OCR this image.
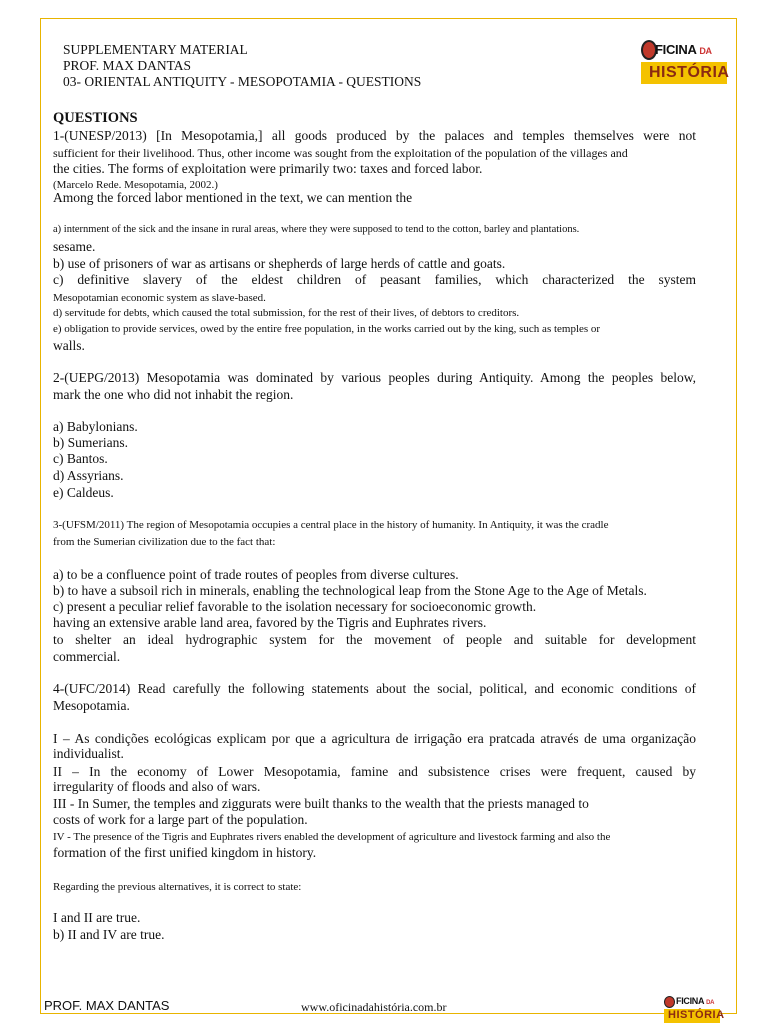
SUPPLEMENTARY MATERIAL
PROF. MAX DANTAS
03- ORIENTAL ANTIQUITY - MESOPOTAMIA - QUESTIONS
FICINA DA
HISTÓRIA
QUESTIONS
1-(UNESP/2013) [In Mesopotamia,] all goods produced by the palaces and temples themselves were not
sufficient for their livelihood. Thus, other income was sought from the exploitation of the population of the villages and
the cities. The forms of exploitation were primarily two: taxes and forced labor.
(Marcelo Rede. Mesopotamia, 2002.)
Among the forced labor mentioned in the text, we can mention the
a) internment of the sick and the insane in rural areas, where they were supposed to tend to the cotton, barley and plantations.
sesame.
b) use of prisoners of war as artisans or shepherds of large herds of cattle and goats.
c) definitive slavery of the eldest children of peasant families, which characterized the system
Mesopotamian economic system as slave-based.
d) servitude for debts, which caused the total submission, for the rest of their lives, of debtors to creditors.
e) obligation to provide services, owed by the entire free population, in the works carried out by the king, such as temples or
walls.
2-(UEPG/2013) Mesopotamia was dominated by various peoples during Antiquity. Among the peoples below,
mark the one who did not inhabit the region.
a) Babylonians.
b) Sumerians.
c) Bantos.
d) Assyrians.
e) Caldeus.
3-(UFSM/2011) The region of Mesopotamia occupies a central place in the history of humanity. In Antiquity, it was the cradle
from the Sumerian civilization due to the fact that:
a) to be a confluence point of trade routes of peoples from diverse cultures.
b) to have a subsoil rich in minerals, enabling the technological leap from the Stone Age to the Age of Metals.
c) present a peculiar relief favorable to the isolation necessary for socioeconomic growth.
having an extensive arable land area, favored by the Tigris and Euphrates rivers.
to shelter an ideal hydrographic system for the movement of people and suitable for development
commercial.
4-(UFC/2014) Read carefully the following statements about the social, political, and economic conditions of
Mesopotamia.
I – As condições ecológicas explicam por que a agricultura de irrigação era pratcada através de uma organização
individualist.
II – In the economy of Lower Mesopotamia, famine and subsistence crises were frequent, caused by
irregularity of floods and also of wars.
III - In Sumer, the temples and ziggurats were built thanks to the wealth that the priests managed to
costs of work for a large part of the population.
IV - The presence of the Tigris and Euphrates rivers enabled the development of agriculture and livestock farming and also the
formation of the first unified kingdom in history.
Regarding the previous alternatives, it is correct to state:
I and II are true.
b) II and IV are true.
PROF. MAX DANTAS	www.oficinadahistória.com.br	FICINA DA
HISTÓRIA
